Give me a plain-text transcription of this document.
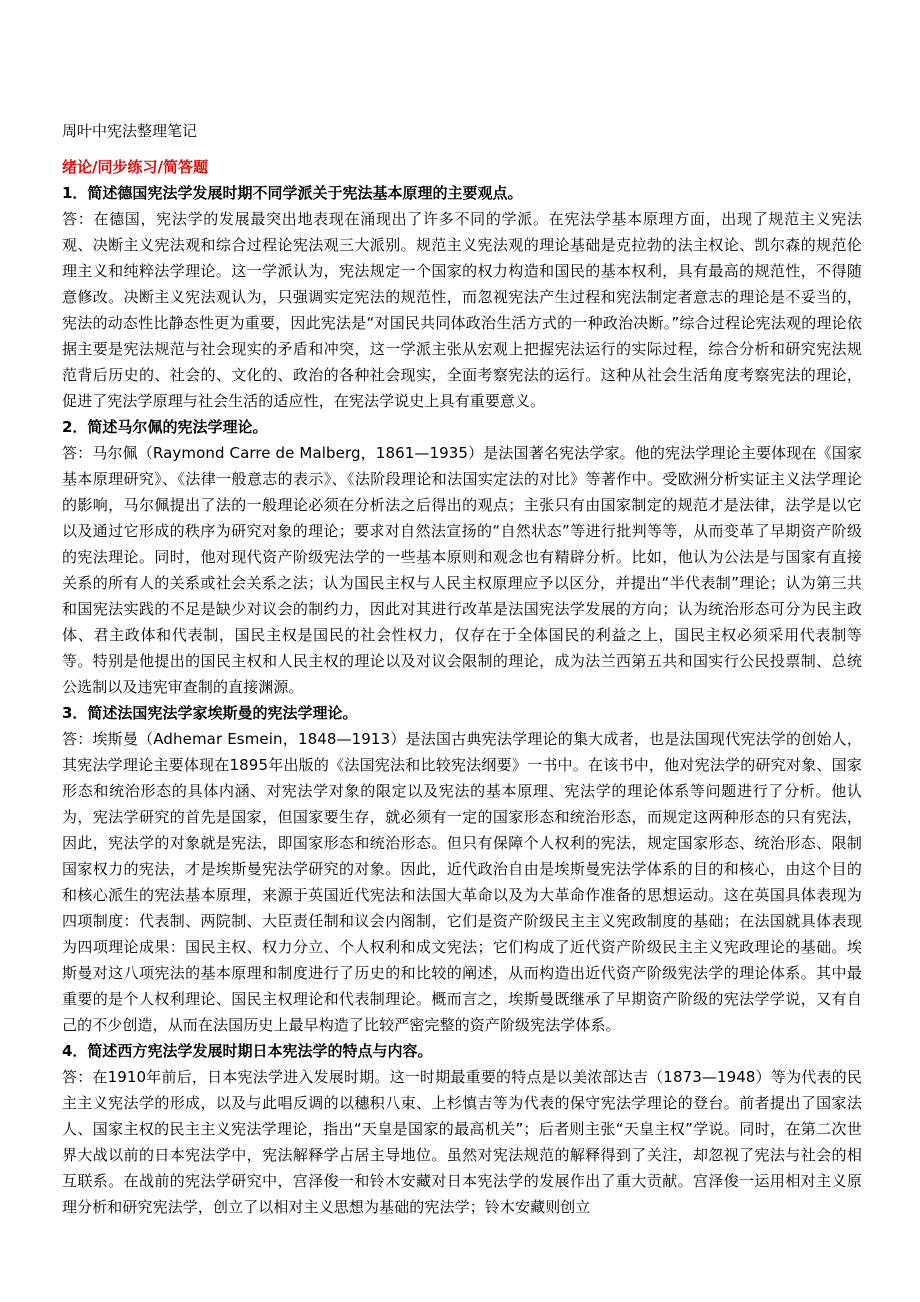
周叶中宪法整理笔记
绪论/同步练习/简答题
1．简述德国宪法学发展时期不同学派关于宪法基本原理的主要观点。
答：在德国，宪法学的发展最突出地表现在涌现出了许多不同的学派。在宪法学基本原理方面，出现了规范主义宪法观、决断主义宪法观和综合过程论宪法观三大派别。规范主义宪法观的理论基础是克拉勃的法主权论、凯尔森的规范伦理主义和纯粹法学理论。这一学派认为，宪法规定一个国家的权力构造和国民的基本权利，具有最高的规范性，不得随意修改。决断主义宪法观认为，只强调实定宪法的规范性，而忽视宪法产生过程和宪法制定者意志的理论是不妥当的，宪法的动态性比静态性更为重要，因此宪法是“对国民共同体政治生活方式的一种政治决断。”综合过程论宪法观的理论依据主要是宪法规范与社会现实的矛盾和冲突，这一学派主张从宏观上把握宪法运行的实际过程，综合分析和研究宪法规范背后历史的、社会的、文化的、政治的各种社会现实，全面考察宪法的运行。这种从社会生活角度考察宪法的理论，促进了宪法学原理与社会生活的适应性，在宪法学说史上具有重要意义。
2．简述马尔佩的宪法学理论。
答：马尔佩（Raymond Carre de Malberg，1861—1935）是法国著名宪法学家。他的宪法学理论主要体现在《国家基本原理研究》、《法律一般意志的表示》、《法阶段理论和法国实定法的对比》等著作中。受欧洲分析实证主义法学理论的影响，马尔佩提出了法的一般理论必须在分析法之后得出的观点；主张只有由国家制定的规范才是法律，法学是以它以及通过它形成的秩序为研究对象的理论；要求对自然法宣扬的“自然状态”等进行批判等等，从而变革了早期资产阶级的宪法理论。同时，他对现代资产阶级宪法学的一些基本原则和观念也有精辟分析。比如，他认为公法是与国家有直接关系的所有人的关系或社会关系之法；认为国民主权与人民主权原理应予以区分，并提出“半代表制”理论；认为第三共和国宪法实践的不足是缺少对议会的制约力，因此对其进行改革是法国宪法学发展的方向；认为统治形态可分为民主政体、君主政体和代表制，国民主权是国民的社会性权力，仅存在于全体国民的利益之上，国民主权必须采用代表制等等。特别是他提出的国民主权和人民主权的理论以及对议会限制的理论，成为法兰西第五共和国实行公民投票制、总统公选制以及违宪审查制的直接渊源。
3．简述法国宪法学家埃斯曼的宪法学理论。
答：埃斯曼（Adhemar Esmein，1848—1913）是法国古典宪法学理论的集大成者，也是法国现代宪法学的创始人，其宪法学理论主要体现在1895年出版的《法国宪法和比较宪法纲要》一书中。在该书中，他对宪法学的研究对象、国家形态和统治形态的具体内涵、对宪法学对象的限定以及宪法的基本原理、宪法学的理论体系等问题进行了分析。他认为，宪法学研究的首先是国家，但国家要生存，就必须有一定的国家形态和统治形态，而规定这两种形态的只有宪法，因此，宪法学的对象就是宪法，即国家形态和统治形态。但只有保障个人权利的宪法，规定国家形态、统治形态、限制国家权力的宪法，才是埃斯曼宪法学研究的对象。因此，近代政治自由是埃斯曼宪法学体系的目的和核心，由这个目的和核心派生的宪法基本原理，来源于英国近代宪法和法国大革命以及为大革命作准备的思想运动。这在英国具体表现为四项制度：代表制、两院制、大臣责任制和议会内阁制，它们是资产阶级民主主义宪政制度的基础；在法国就具体表现为四项理论成果：国民主权、权力分立、个人权利和成文宪法；它们构成了近代资产阶级民主主义宪政理论的基础。埃斯曼对这八项宪法的基本原理和制度进行了历史的和比较的阐述，从而构造出近代资产阶级宪法学的理论体系。其中最重要的是个人权利理论、国民主权理论和代表制理论。概而言之，埃斯曼既继承了早期资产阶级的宪法学学说，又有自己的不少创造，从而在法国历史上最早构造了比较严密完整的资产阶级宪法学体系。
4．简述西方宪法学发展时期日本宪法学的特点与内容。
答：在1910年前后，日本宪法学进入发展时期。这一时期最重要的特点是以美浓部达吉（1873—1948）等为代表的民主主义宪法学的形成，以及与此唱反调的以穗积八束、上杉慎吉等为代表的保守宪法学理论的登台。前者提出了国家法人、国家主权的民主主义宪法学理论，指出“天皇是国家的最高机关”；后者则主张“天皇主权”学说。同时，在第二次世界大战以前的日本宪法学中，宪法解释学占居主导地位。虽然对宪法规范的解释得到了关注，却忽视了宪法与社会的相互联系。在战前的宪法学研究中，宫泽俊一和铃木安藏对日本宪法学的发展作出了重大贡献。宫泽俊一运用相对主义原理分析和研究宪法学，创立了以相对主义思想为基础的宪法学；铃木安藏则创立
